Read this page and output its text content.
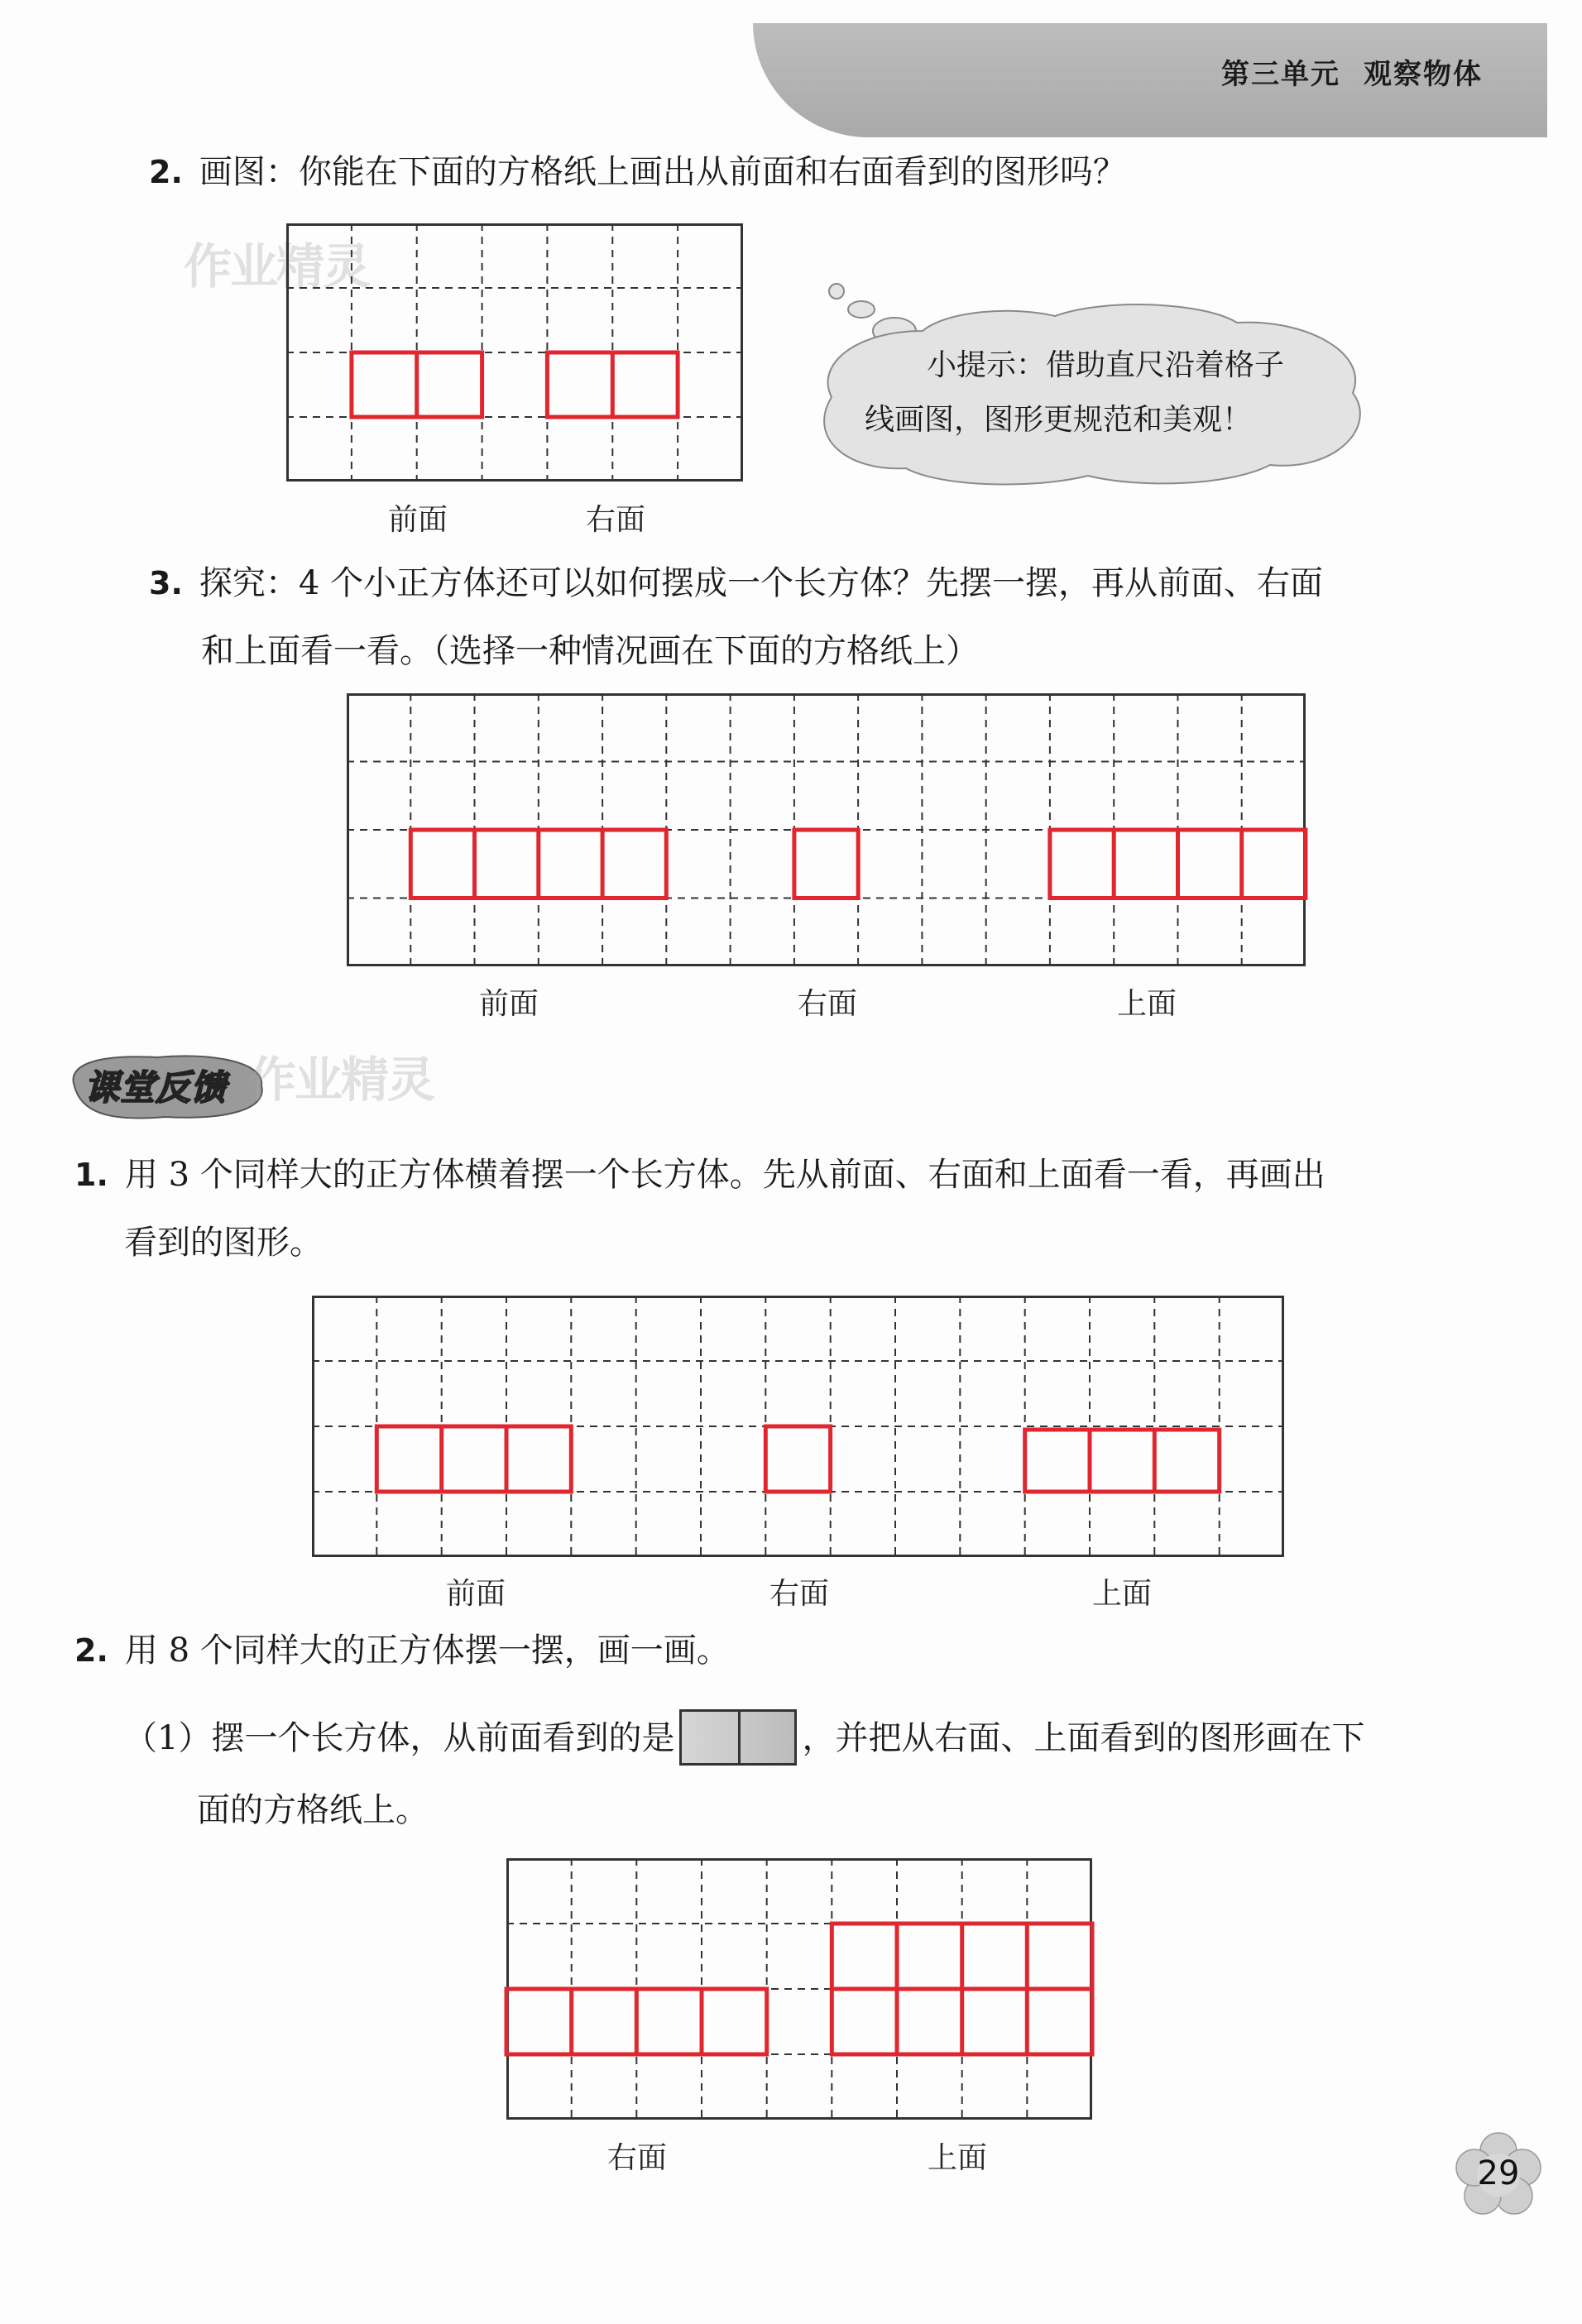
第三单元 观察物体
2. 画图：你能在下面的方格纸上画出从前面和右面看到的图形吗？
作业精灵
前面	右面
小提示：借助直尺沿着格子
线画图，图形更规范和美观！
3. 探究：4 个小正方体还可以如何摆成一个长方体？先摆一摆，再从前面、右面
和上面看一看。（选择一种情况画在下面的方格纸上）
前面	右面	上面
课堂反馈 作业精灵
1. 用 3 个同样大的正方体横着摆一个长方体。先从前面、右面和上面看一看，再画出
看到的图形。
前面	右面	上面
2. 用 8 个同样大的正方体摆一摆，画一画。
（1）摆一个长方体，从前面看到的是	，并把从右面、上面看到的图形画在下
面的方格纸上。
右面	上面	29
